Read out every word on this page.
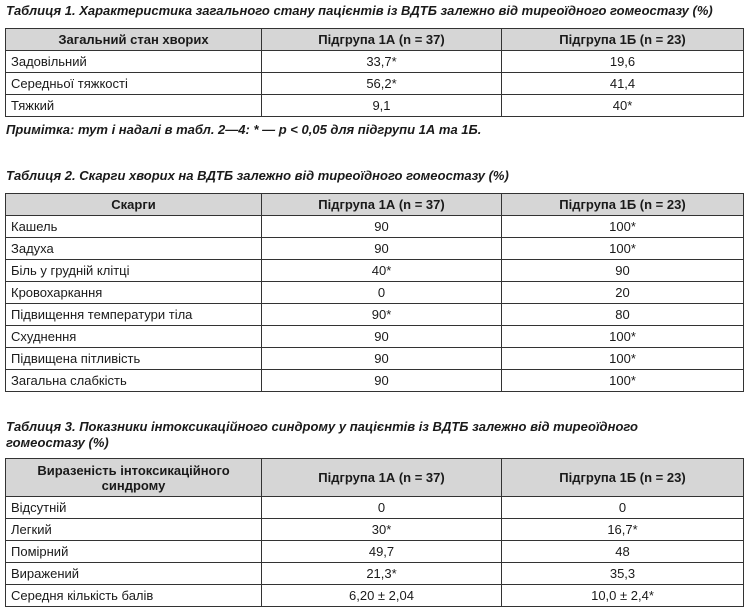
Таблиця 1. Характеристика загального стану пацієнтів із ВДТБ залежно від тиреоїдного гомеостазу (%)

Загальний стан хворих	Підгрупа 1А (n = 37)	Підгрупа 1Б (n = 23)
Задовільний	33,7*	19,6
Середньої тяжкості	56,2*	41,4
Тяжкий	9,1	40*

Примітка: тут і надалі в табл. 2—4: * — p < 0,05 для підгрупи 1А та 1Б.

Таблиця 2. Скарги хворих на ВДТБ залежно від тиреоїдного гомеостазу (%)

Скарги	Підгрупа 1А (n = 37)	Підгрупа 1Б (n = 23)
Кашель	90	100*
Задуха	90	100*
Біль у грудній клітці	40*	90
Кровохаркання	0	20
Підвищення температури тіла	90*	80
Схуднення	90	100*
Підвищена пітливість	90	100*
Загальна слабкість	90	100*

Таблиця 3. Показники інтоксикаційного синдрому у пацієнтів із ВДТБ залежно від тиреоїдного

гомеостазу (%)

Виразеність інтоксикаційного синдрому	Підгрупа 1А (n = 37)	Підгрупа 1Б (n = 23)
Відсутній	0	0
Легкий	30*	16,7*
Помірний	49,7	48
Виражений	21,3*	35,3
Середня кількість балів	6,20 ± 2,04	10,0 ± 2,4*
